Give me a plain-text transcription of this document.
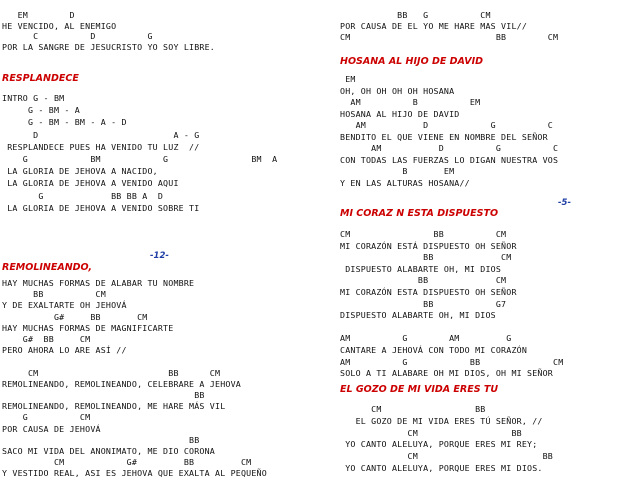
EM        D
HE VENCIDO, AL ENEMIGO
C          D          G
POR LA SANGRE DE JESUCRISTO YO SOY LIBRE.
RESPLANDECE
INTRO G - BM
G - BM - A
G - BM - BM - A - D
D                          A - G
RESPLANDECE PUES HA VENIDO TU LUZ  //
G            BM            G                BM  A
LA GLORIA DE JEHOVA A NACIDO,
LA GLORIA DE JEHOVA A VENIDO AQUI
G             BB BB A  D
LA GLORIA DE JEHOVA A VENIDO SOBRE TI
-12-
REMOLINEANDO,
HAY MUCHAS FORMAS DE ALABAR TU NOMBRE
BB          CM
Y DE EXALTARTE OH JEHOVÁ
G#     BB       CM
HAY MUCHAS FORMAS DE MAGNIFICARTE
G#  BB     CM
PERO AHORA LO ARE ASÍ //
CM                         BB      CM
REMOLINEANDO, REMOLINEANDO, CELEBRARE A JEHOVA
BB
REMOLINEANDO, REMOLINEANDO, ME HARE MÁS VIL
G          CM
POR CAUSA DE JEHOVÁ
BB
SACO MI VIDA DEL ANONIMATO, ME DIO CORONA
CM            G#         BB         CM
Y VESTIDO REAL, ASI ES JEHOVA QUE EXALTA AL PEQUEÑO
BB   G          CM
POR CAUSA DE EL YO ME HARE MAS VIL//
CM                            BB        CM
HOSANA AL HIJO DE DAVID
EM
OH, OH OH OH OH HOSANA
AM          B          EM
HOSANA AL HIJO DE DAVID
AM           D            G          C
BENDITO EL QUE VIENE EN NOMBRE DEL SEÑOR
AM           D          G          C
CON TODAS LAS FUERZAS LO DIGAN NUESTRA VOS
B       EM
Y EN LAS ALTURAS HOSANA//
-5-
MI CORAZ N ESTA DISPUESTO
CM                BB          CM
MI CORAZÓN ESTÁ DISPUESTO OH SEÑOR
BB             CM
DISPUESTO ALABARTE OH, MI DIOS
BB             CM
MI CORAZÓN ESTA DISPUESTO OH SEÑOR
BB            G7
DISPUESTO ALABARTE OH, MI DIOS
AM          G        AM         G
CANTARE A JEHOVÁ CON TODO MI CORAZÓN
AM          G            BB              CM
SOLO A TI ALABARE OH MI DIOS, OH MI SEÑOR
EL GOZO DE MI VIDA ERES TU
CM                  BB
EL GOZO DE MI VIDA ERES TÚ SEÑOR, //
CM                  BB
YO CANTO ALELUYA, PORQUE ERES MI REY;
CM                        BB
YO CANTO ALELUYA, PORQUE ERES MI DIOS.
